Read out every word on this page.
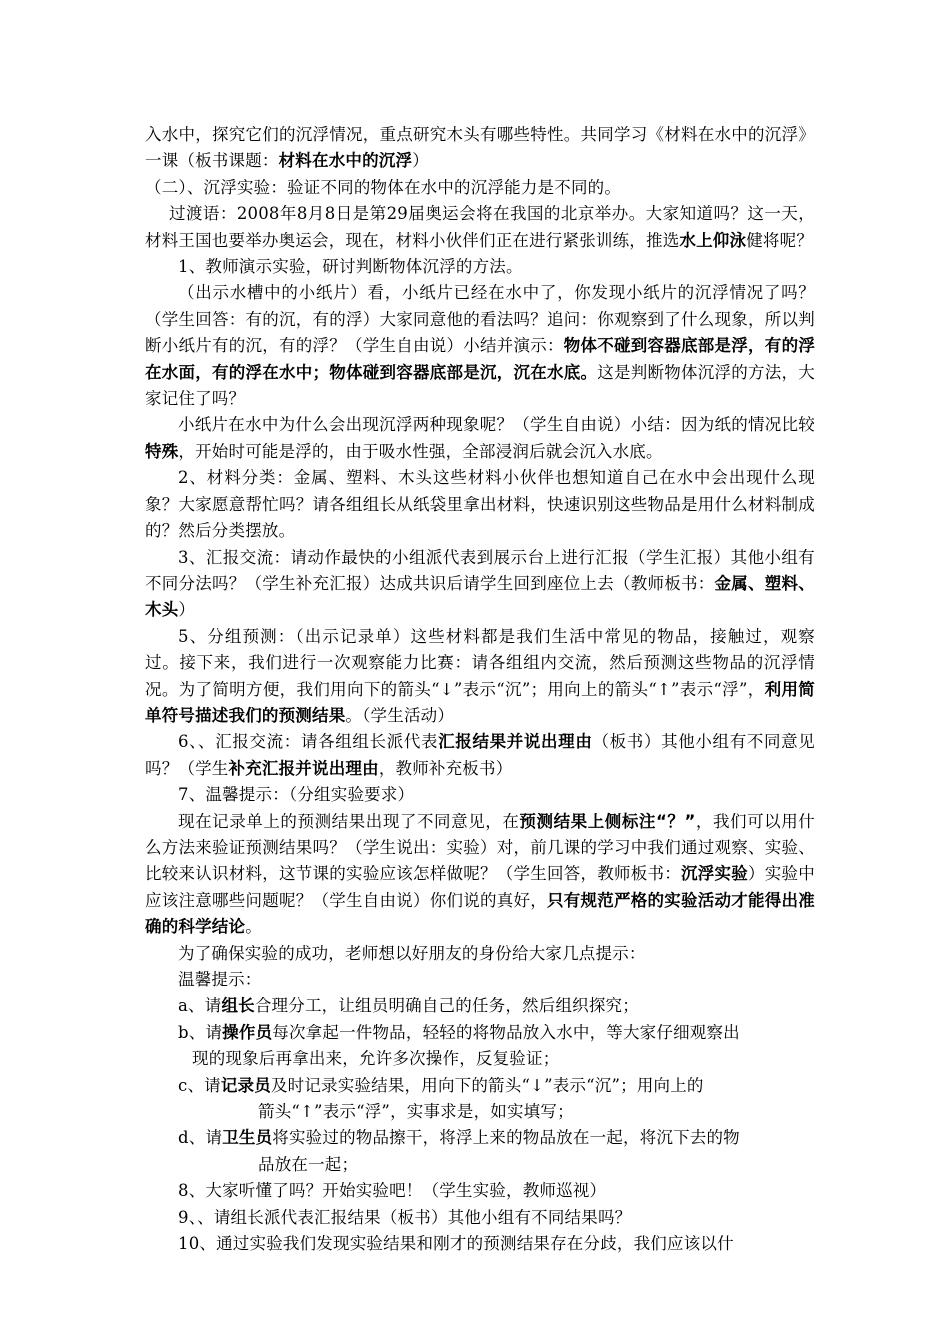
入水中，探究它们的沉浮情况，重点研究木头有哪些特性。共同学习《材料在水中的沉浮》一课（板书课题：材料在水中的沉浮）

（二）、沉浮实验：验证不同的物体在水中的沉浮能力是不同的。

过渡语：2008年8月8日是第29届奥运会将在我国的北京举办。大家知道吗？这一天，材料王国也要举办奥运会，现在，材料小伙伴们正在进行紧张训练，推选水上仰泳健将呢？

1、教师演示实验，研讨判断物体沉浮的方法。

（出示水槽中的小纸片）看，小纸片已经在水中了，你发现小纸片的沉浮情况了吗？（学生回答：有的沉，有的浮）大家同意他的看法吗？追问：你观察到了什么现象，所以判断小纸片有的沉，有的浮？（学生自由说）小结并演示：物体不碰到容器底部是浮，有的浮在水面，有的浮在水中；物体碰到容器底部是沉，沉在水底。这是判断物体沉浮的方法，大家记住了吗？

小纸片在水中为什么会出现沉浮两种现象呢？（学生自由说）小结：因为纸的情况比较特殊，开始时可能是浮的，由于吸水性强，全部浸润后就会沉入水底。

2、材料分类：金属、塑料、木头这些材料小伙伴也想知道自己在水中会出现什么现象？大家愿意帮忙吗？请各组组长从纸袋里拿出材料，快速识别这些物品是用什么材料制成的？然后分类摆放。

3、汇报交流：请动作最快的小组派代表到展示台上进行汇报（学生汇报）其他小组有不同分法吗？（学生补充汇报）达成共识后请学生回到座位上去（教师板书：金属、塑料、木头）

5、分组预测：（出示记录单）这些材料都是我们生活中常见的物品，接触过，观察过。接下来，我们进行一次观察能力比赛：请各组组内交流，然后预测这些物品的沉浮情况。为了简明方便，我们用向下的箭头“↓”表示“沉”；用向上的箭头“↑”表示“浮”，利用简单符号描述我们的预测结果。（学生活动）

6、、汇报交流：请各组组长派代表汇报结果并说出理由（板书）其他小组有不同意见吗？（学生补充汇报并说出理由，教师补充板书）

7、温馨提示：（分组实验要求）

现在记录单上的预测结果出现了不同意见，在预测结果上侧标注“？”，我们可以用什么方法来验证预测结果吗？（学生说出：实验）对，前几课的学习中我们通过观察、实验、比较来认识材料，这节课的实验应该怎样做呢？（学生回答，教师板书：沉浮实验）实验中应该注意哪些问题呢？（学生自由说）你们说的真好，只有规范严格的实验活动才能得出准确的科学结论。

为了确保实验的成功，老师想以好朋友的身份给大家几点提示：

温馨提示：

a、请组长合理分工，让组员明确自己的任务，然后组织探究；

b、请操作员每次拿起一件物品，轻轻的将物品放入水中，等大家仔细观察出
现的现象后再拿出来，允许多次操作，反复验证；

c、请记录员及时记录实验结果，用向下的箭头“↓”表示“沉”；用向上的
箭头“↑”表示“浮”，实事求是，如实填写；

d、请卫生员将实验过的物品擦干，将浮上来的物品放在一起，将沉下去的物
品放在一起；

8、大家听懂了吗？开始实验吧！（学生实验，教师巡视）

9、、请组长派代表汇报结果（板书）其他小组有不同结果吗？

10、通过实验我们发现实验结果和刚才的预测结果存在分歧，我们应该以什
